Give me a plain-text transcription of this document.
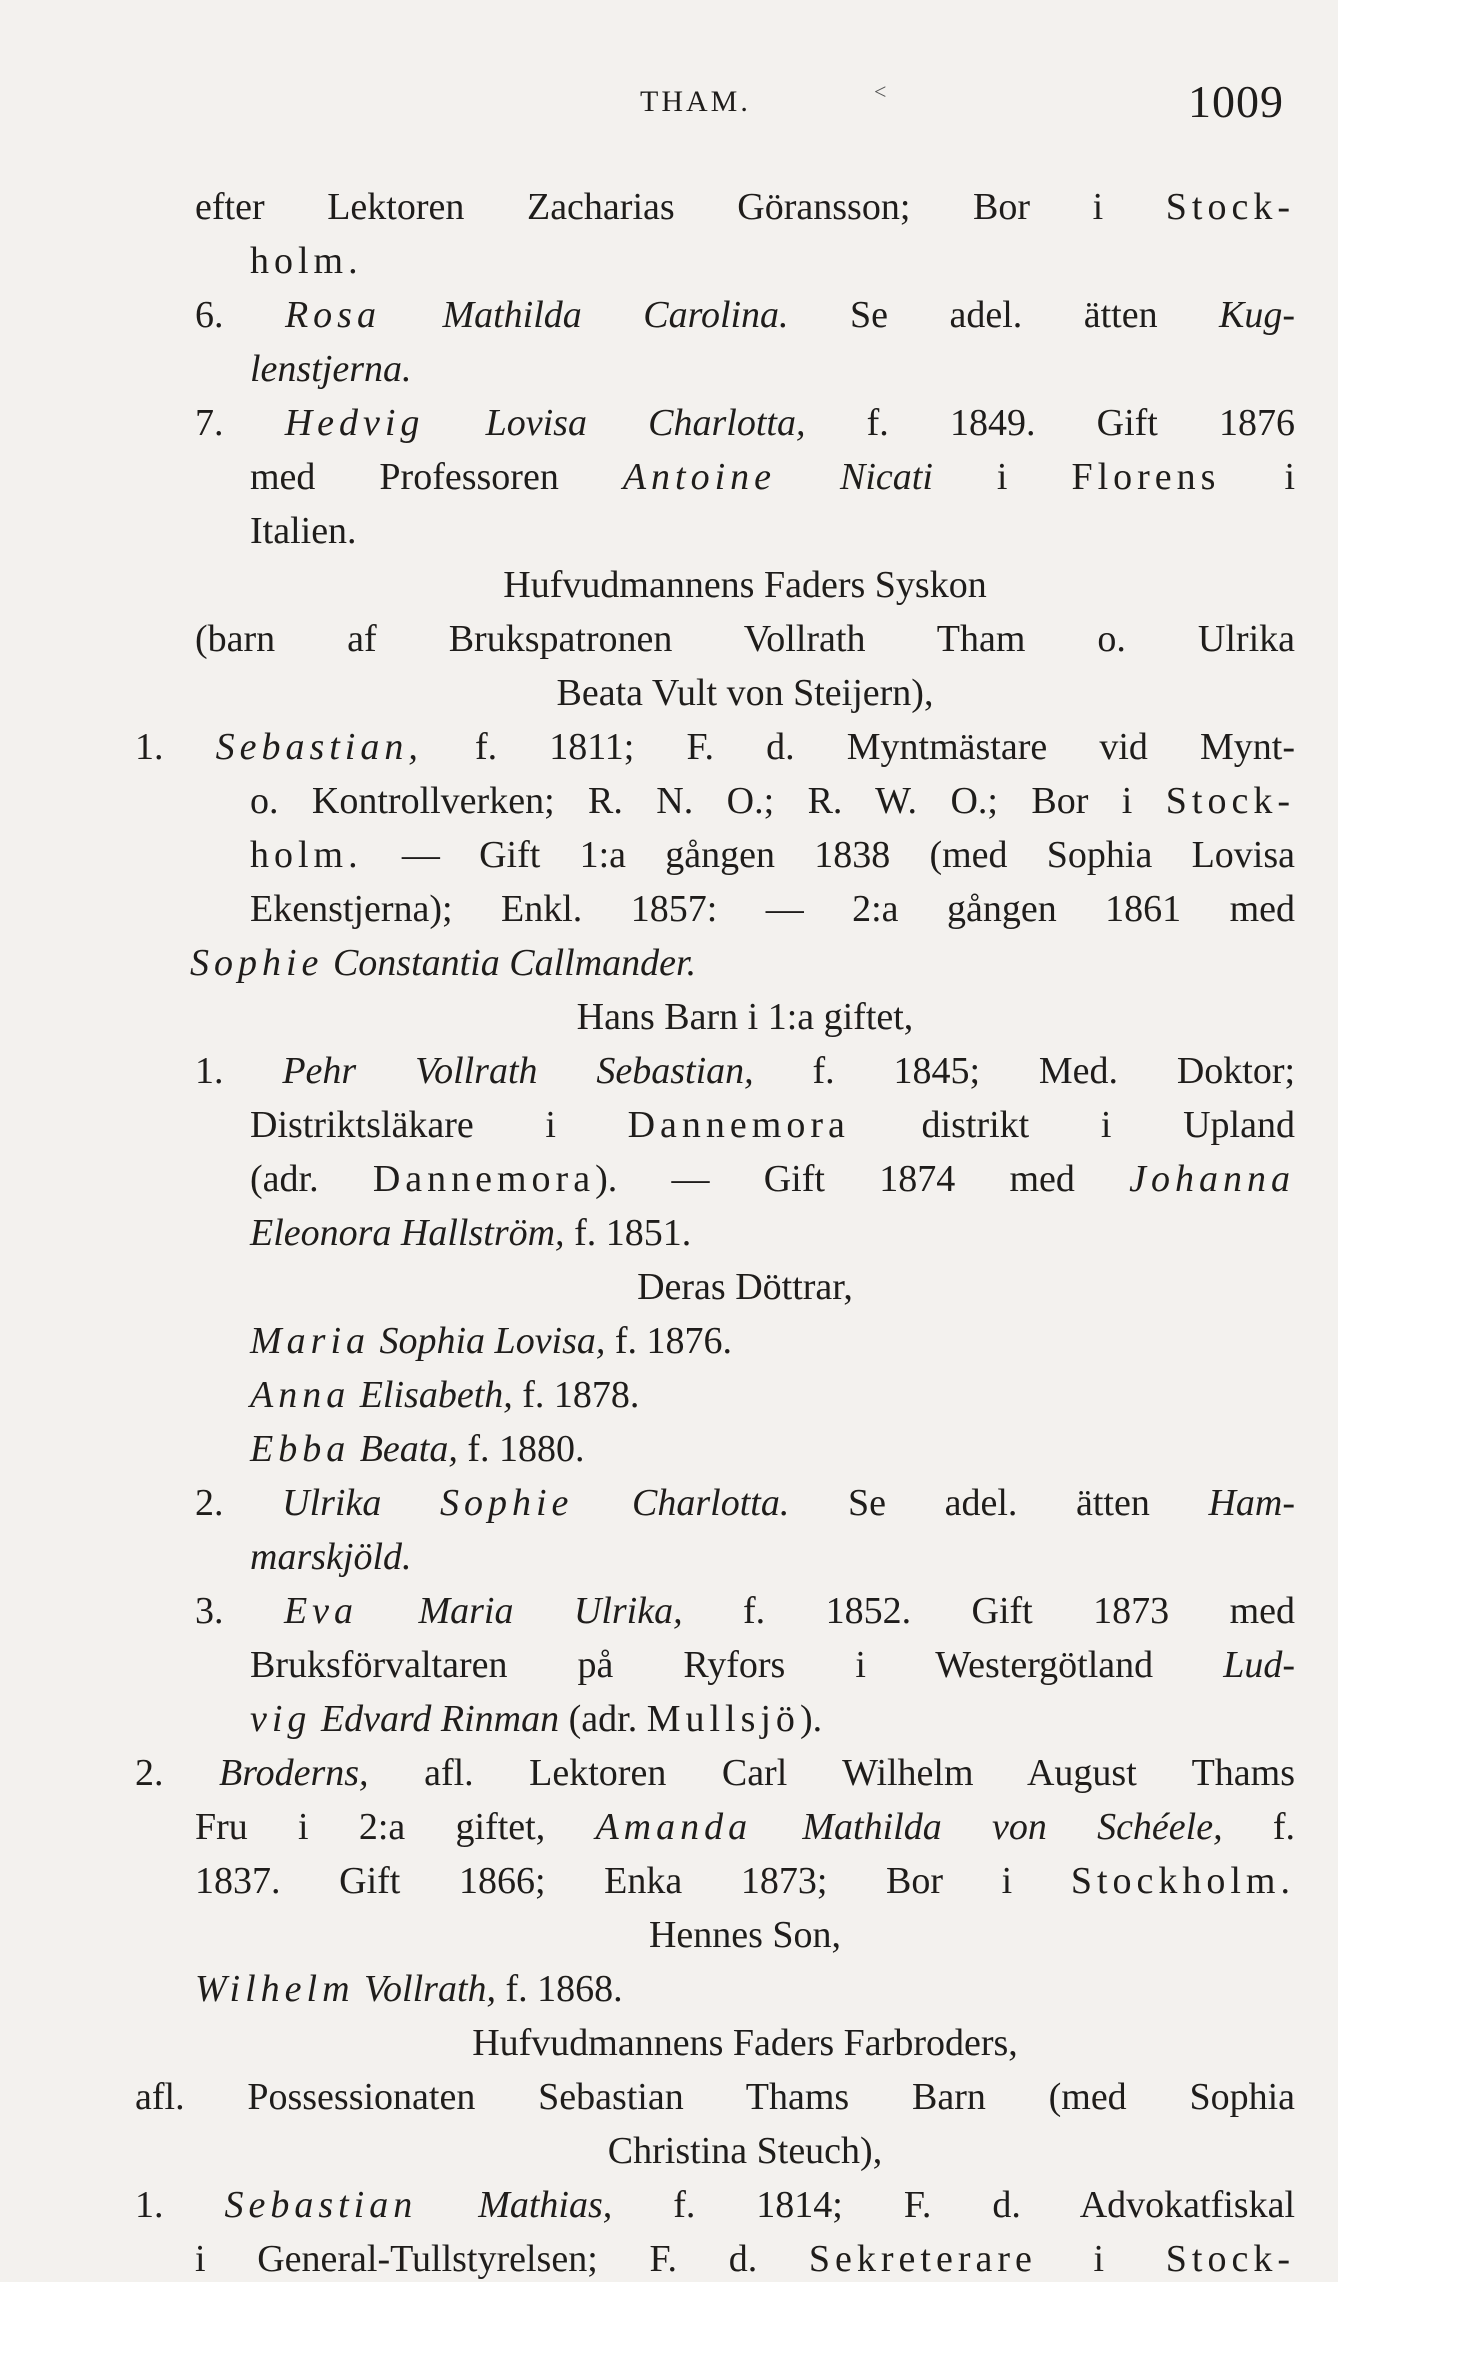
THAM.	<	1009
efter Lektoren Zacharias Göransson; Bor i Stock-
holm.
6. Rosa Mathilda Carolina. Se adel. ätten Kug-
lenstjerna.
7. Hedvig Lovisa Charlotta, f. 1849. Gift 1876
med Professoren Antoine Nicati i Florens i
Italien.
Hufvudmannens Faders Syskon
(barn af Brukspatronen Vollrath Tham o. Ulrika
Beata Vult von Steijern),
1. Sebastian, f. 1811; F. d. Myntmästare vid Mynt-
o. Kontrollverken; R. N. O.; R. W. O.; Bor i Stock-
holm. — Gift 1:a gången 1838 (med Sophia Lovisa
Ekenstjerna); Enkl. 1857: — 2:a gången 1861 med
Sophie Constantia Callmander.
Hans Barn i 1:a giftet,
1. Pehr Vollrath Sebastian, f. 1845; Med. Doktor;
Distriktsläkare i Dannemora distrikt i Upland
(adr. Dannemora). — Gift 1874 med Johanna
Eleonora Hallström, f. 1851.
Deras Döttrar,
Maria Sophia Lovisa, f. 1876.
Anna Elisabeth, f. 1878.
Ebba Beata, f. 1880.
2. Ulrika Sophie Charlotta. Se adel. ätten Ham-
marskjöld.
3. Eva Maria Ulrika, f. 1852. Gift 1873 med
Bruksförvaltaren på Ryfors i Westergötland Lud-
vig Edvard Rinman (adr. Mullsjö).
2. Broderns, afl. Lektoren Carl Wilhelm August Thams
Fru i 2:a giftet, Amanda Mathilda von Schéele, f.
1837. Gift 1866; Enka 1873; Bor i Stockholm.
Hennes Son,
Wilhelm Vollrath, f. 1868.
Hufvudmannens Faders Farbroders,
afl. Possessionaten Sebastian Thams Barn (med Sophia
Christina Steuch),
1. Sebastian Mathias, f. 1814; F. d. Advokatfiskal
i General-Tullstyrelsen; F. d. Sekreterare i Stock-
